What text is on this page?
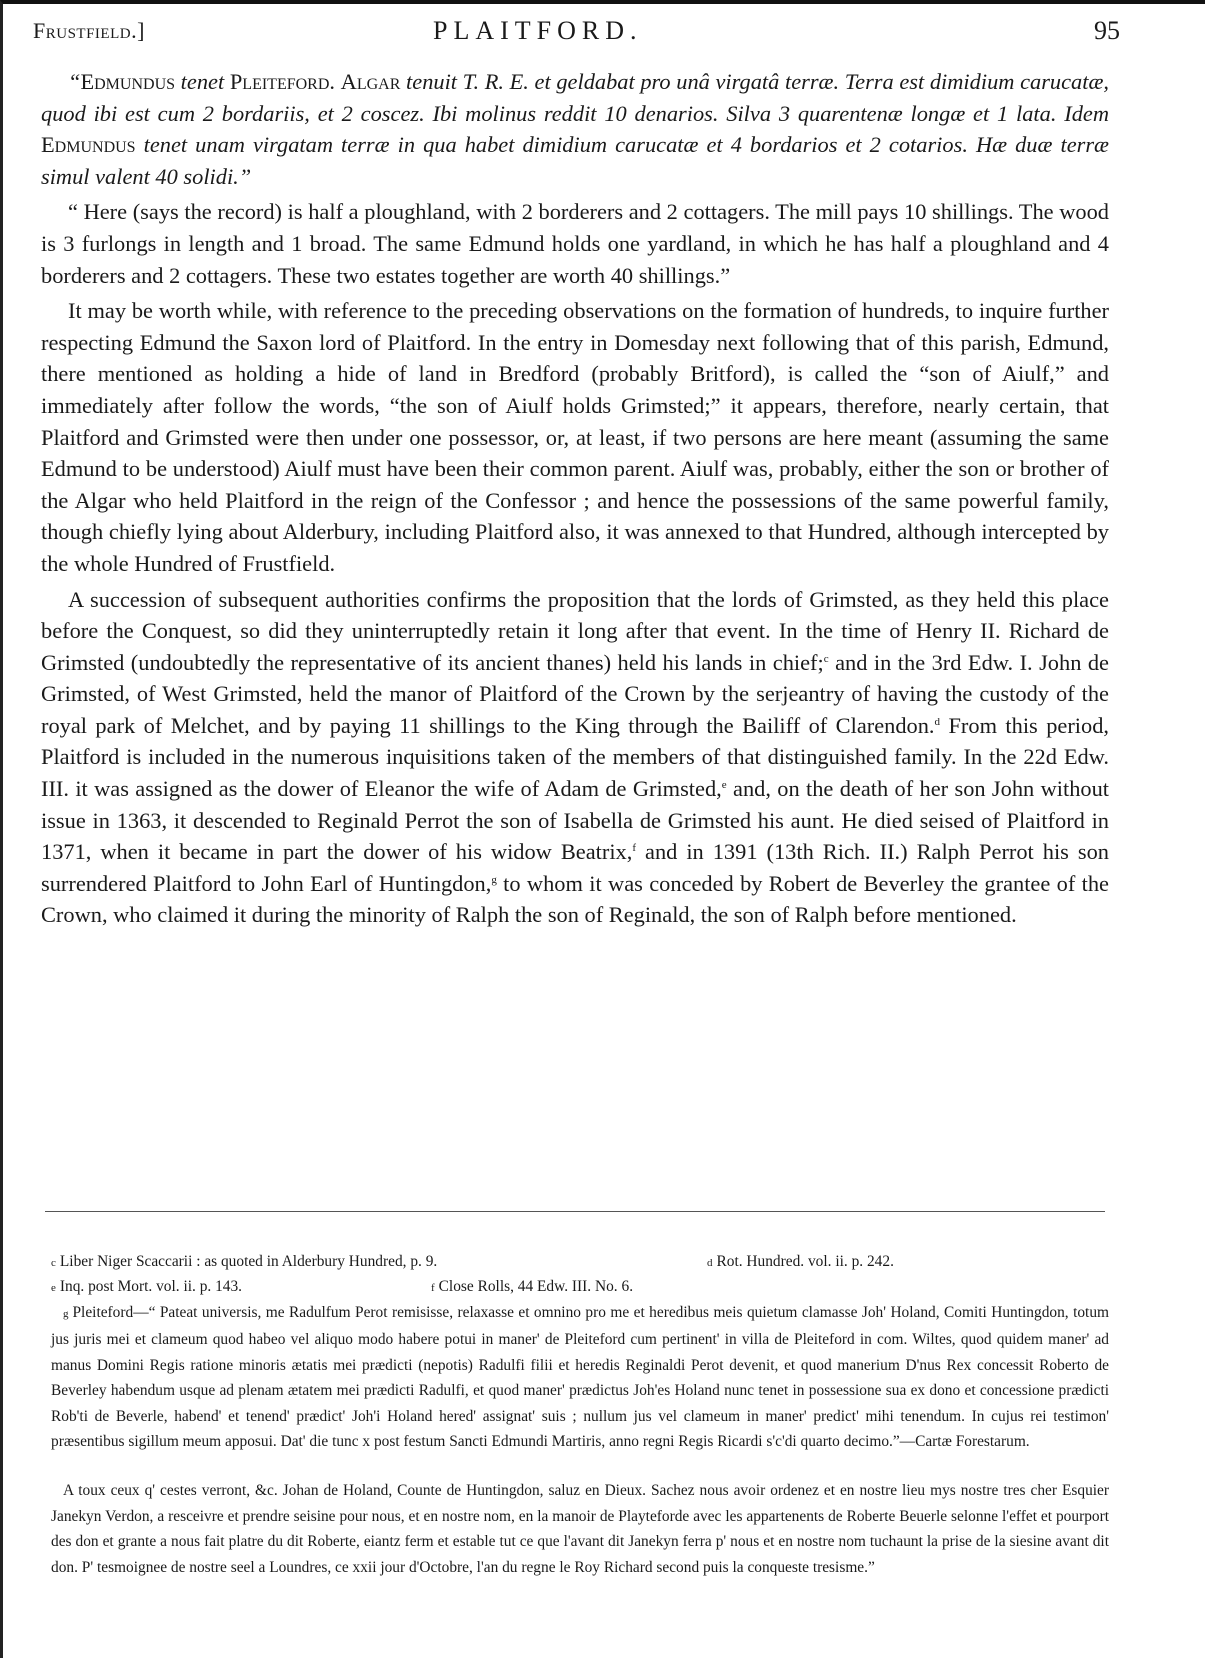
Frustfield.]	PLAITFORD.	95

“Edmundus tenet Pleiteford. Algar tenuit T. R. E. et geldabat pro unâ virgatâ terræ. Terra est dimidium carucatæ, quod ibi est cum 2 bordariis, et 2 coscez. Ibi molinus reddit 10 denarios. Silva 3 quarentenæ longæ et 1 lata. Idem Edmundus tenet unam virgatam terræ in qua habet dimidium carucatæ et 4 bordarios et 2 cotarios. Hæ duæ terræ simul valent 40 solidi.”

“ Here (says the record) is half a ploughland, with 2 borderers and 2 cottagers. The mill pays 10 shillings. The wood is 3 furlongs in length and 1 broad. The same Edmund holds one yardland, in which he has half a ploughland and 4 borderers and 2 cottagers. These two estates together are worth 40 shillings.”

It may be worth while, with reference to the preceding observations on the formation of hundreds, to inquire further respecting Edmund the Saxon lord of Plaitford. In the entry in Domesday next following that of this parish, Edmund, there mentioned as holding a hide of land in Bredford (probably Britford), is called the “son of Aiulf,” and immediately after follow the words, “the son of Aiulf holds Grimsted;” it appears, therefore, nearly certain, that Plaitford and Grimsted were then under one possessor, or, at least, if two persons are here meant (assuming the same Edmund to be understood) Aiulf must have been their common parent. Aiulf was, probably, either the son or brother of the Algar who held Plaitford in the reign of the Confessor ; and hence the possessions of the same powerful family, though chiefly lying about Alderbury, including Plaitford also, it was annexed to that Hundred, although intercepted by the whole Hundred of Frustfield.

A succession of subsequent authorities confirms the proposition that the lords of Grimsted, as they held this place before the Conquest, so did they uninterruptedly retain it long after that event. In the time of Henry II. Richard de Grimsted (undoubtedly the representative of its ancient thanes) held his lands in chief;$^c$ and in the 3rd Edw. I. John de Grimsted, of West Grimsted, held the manor of Plaitford of the Crown by the serjeantry of having the custody of the royal park of Melchet, and by paying 11 shillings to the King through the Bailiff of Clarendon.$^d$ From this period, Plaitford is included in the numerous inquisitions taken of the members of that distinguished family. In the 22d Edw. III. it was assigned as the dower of Eleanor the wife of Adam de Grimsted,$^e$ and, on the death of her son John without issue in 1363, it descended to Reginald Perrot the son of Isabella de Grimsted his aunt. He died seised of Plaitford in 1371, when it became in part the dower of his widow Beatrix,$^f$ and in 1391 (13th Rich. II.) Ralph Perrot his son surrendered Plaitford to John Earl of Huntingdon,$^g$ to whom it was conceded by Robert de Beverley the grantee of the Crown, who claimed it during the minority of Ralph the son of Reginald, the son of Ralph before mentioned.

c Liber Niger Scaccarii : as quoted in Alderbury Hundred, p. 9.	d Rot. Hundred. vol. ii. p. 242.
e Inq. post Mort. vol. ii. p. 143.	f Close Rolls, 44 Edw. III. No. 6.
g Pleiteford—“ Pateat universis, me Radulfum Perot remisisse, relaxasse et omnino pro me et heredibus meis quietum clamasse Joh' Holand, Comiti Huntingdon, totum jus juris mei et clameum quod habeo vel aliquo modo habere potui in maner' de Pleiteford cum pertinent' in villa de Pleiteford in com. Wiltes, quod quidem maner' ad manus Domini Regis ratione minoris ætatis mei prædicti (nepotis) Radulfi filii et heredis Reginaldi Perot devenit, et quod manerium D'nus Rex concessit Roberto de Beverley habendum usque ad plenam ætatem mei prædicti Radulfi, et quod maner' prædictus Joh'es Holand nunc tenet in possessione sua ex dono et concessione prædicti Rob'ti de Beverle, habend' et tenend' prædict' Joh'i Holand hered' assignat' suis ; nullum jus vel clameum in maner' predict' mihi tenendum. In cujus rei testimon' præsentibus sigillum meum apposui. Dat' die tunc x post festum Sancti Edmundi Martiris, anno regni Regis Ricardi s'c'di quarto decimo.”—Cartæ Forestarum.
A toux ceux q' cestes verront, &c. Johan de Holand, Counte de Huntingdon, saluz en Dieux. Sachez nous avoir ordenez et en nostre lieu mys nostre tres cher Esquier Janekyn Verdon, a resceivre et prendre seisine pour nous, et en nostre nom, en la manoir de Playteforde avec les appartenents de Roberte Beuerle selonne l'effet et pourport des don et grante a nous fait platre du dit Roberte, eiantz ferm et estable tut ce que l'avant dit Janekyn ferra p' nous et en nostre nom tuchaunt la prise de la siesine avant dit don. P' tesmoignee de nostre seel a Loundres, ce xxii jour d'Octobre, l'an du regne le Roy Richard second puis la conqueste tresisme.”
